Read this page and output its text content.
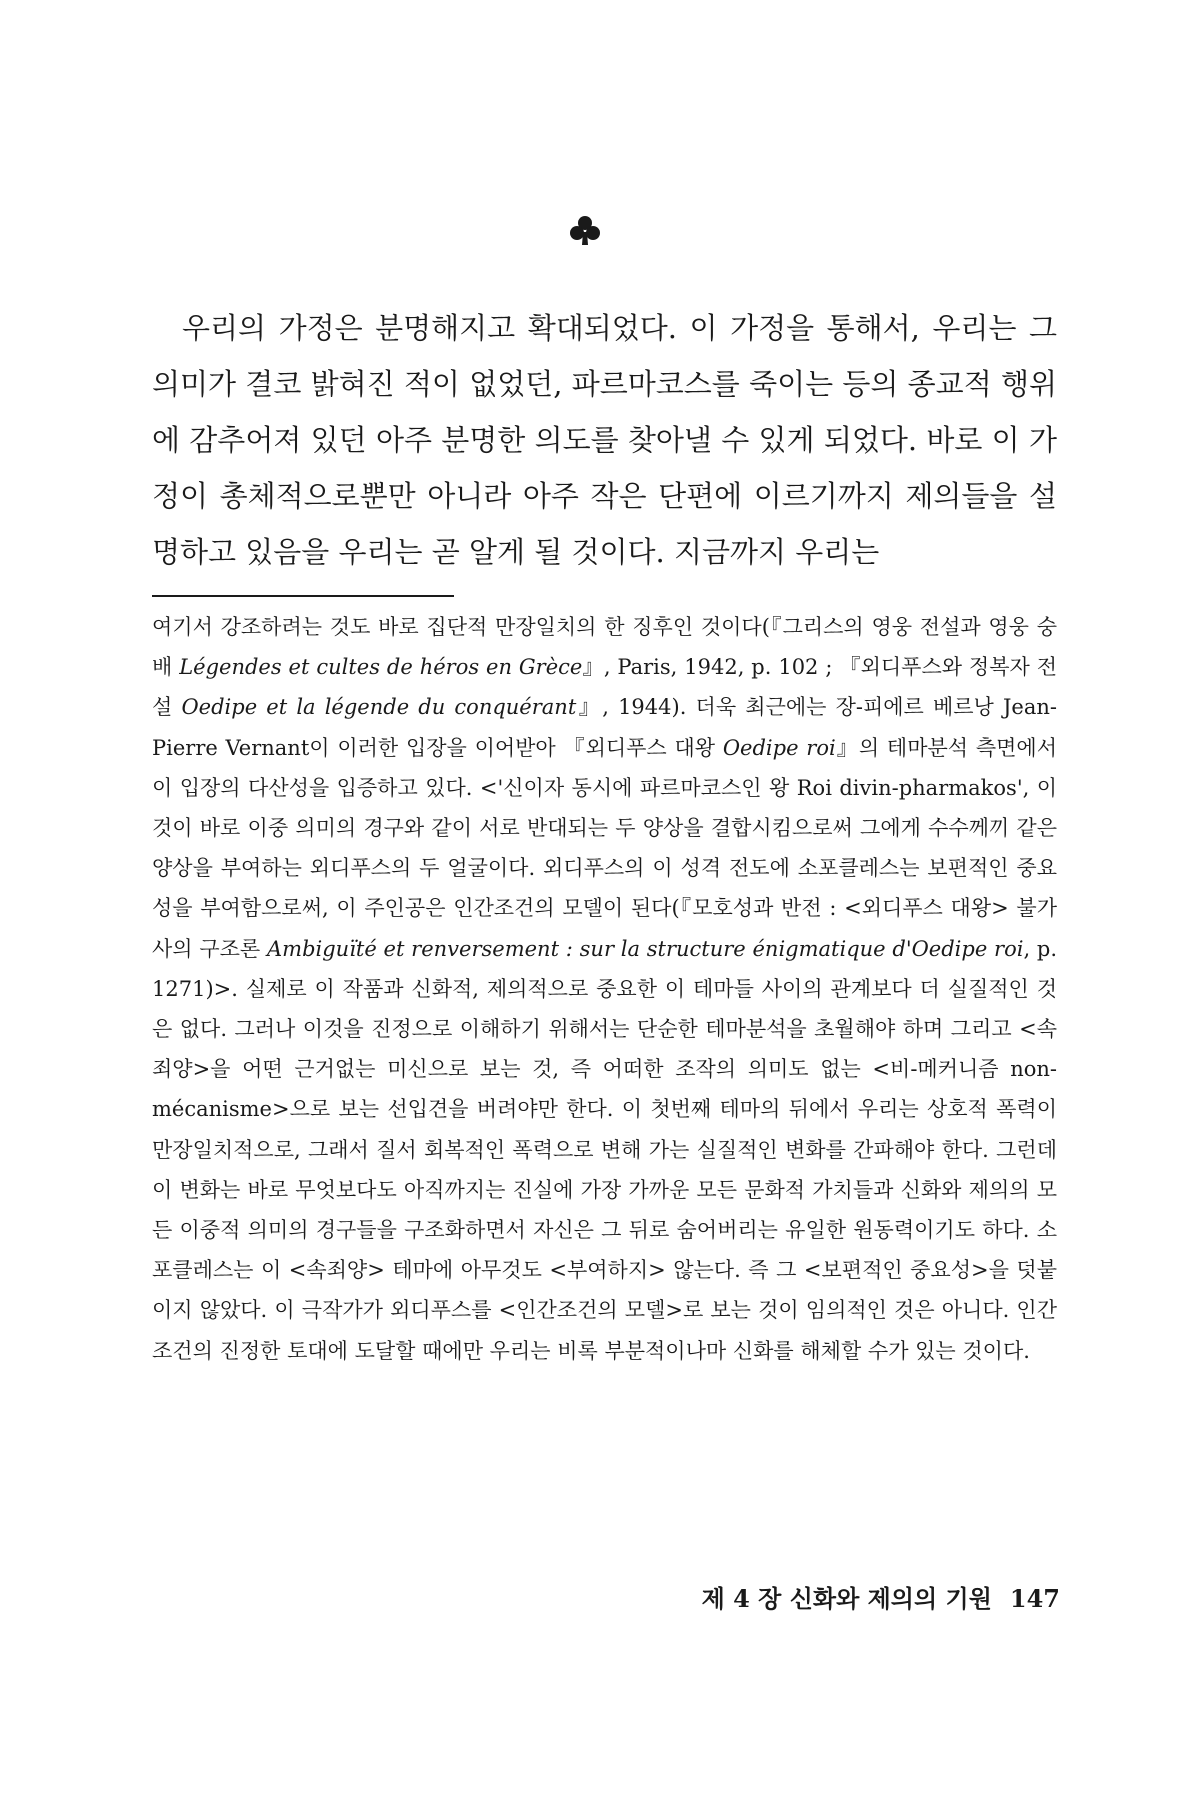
우리의 가정은 분명해지고 확대되었다. 이 가정을 통해서, 우리는 그 의미가 결코 밝혀진 적이 없었던, 파르마코스를 죽이는 등의 종교적 행위에 감추어져 있던 아주 분명한 의도를 찾아낼 수 있게 되었다. 바로 이 가정이 총체적으로뿐만 아니라 아주 작은 단편에 이르기까지 제의들을 설명하고 있음을 우리는 곧 알게 될 것이다. 지금까지 우리는

여기서 강조하려는 것도 바로 집단적 만장일치의 한 징후인 것이다(『그리스의 영웅 전설과 영웅 숭배 Légendes et cultes de héros en Grèce』, Paris, 1942, p. 102 ; 『외디푸스와 정복자 전설 Oedipe et la légende du conquérant』, 1944). 더욱 최근에는 장-피에르 베르낭 Jean-Pierre Vernant이 이러한 입장을 이어받아 『외디푸스 대왕 Oedipe roi』의 테마분석 측면에서 이 입장의 다산성을 입증하고 있다. <'신이자 동시에 파르마코스인 왕 Roi divin-pharmakos', 이것이 바로 이중 의미의 경구와 같이 서로 반대되는 두 양상을 결합시킴으로써 그에게 수수께끼 같은 양상을 부여하는 외디푸스의 두 얼굴이다. 외디푸스의 이 성격 전도에 소포클레스는 보편적인 중요성을 부여함으로써, 이 주인공은 인간조건의 모델이 된다(『모호성과 반전 : <외디푸스 대왕> 불가사의 구조론 Ambiguïté et renversement : sur la structure énigmatique d'Oedipe roi, p. 1271)>. 실제로 이 작품과 신화적, 제의적으로 중요한 이 테마들 사이의 관계보다 더 실질적인 것은 없다. 그러나 이것을 진정으로 이해하기 위해서는 단순한 테마분석을 초월해야 하며 그리고 <속죄양>을 어떤 근거없는 미신으로 보는 것, 즉 어떠한 조작의 의미도 없는 <비-메커니즘 non-mécanisme>으로 보는 선입견을 버려야만 한다. 이 첫번째 테마의 뒤에서 우리는 상호적 폭력이 만장일치적으로, 그래서 질서 회복적인 폭력으로 변해 가는 실질적인 변화를 간파해야 한다. 그런데 이 변화는 바로 무엇보다도 아직까지는 진실에 가장 가까운 모든 문화적 가치들과 신화와 제의의 모든 이중적 의미의 경구들을 구조화하면서 자신은 그 뒤로 숨어버리는 유일한 원동력이기도 하다. 소포클레스는 이 <속죄양> 테마에 아무것도 <부여하지> 않는다. 즉 그 <보편적인 중요성>을 덧붙이지 않았다. 이 극작가가 외디푸스를 <인간조건의 모델>로 보는 것이 임의적인 것은 아니다. 인간조건의 진정한 토대에 도달할 때에만 우리는 비록 부분적이나마 신화를 해체할 수가 있는 것이다.

제 4 장 신화와 제의의 기원 147
